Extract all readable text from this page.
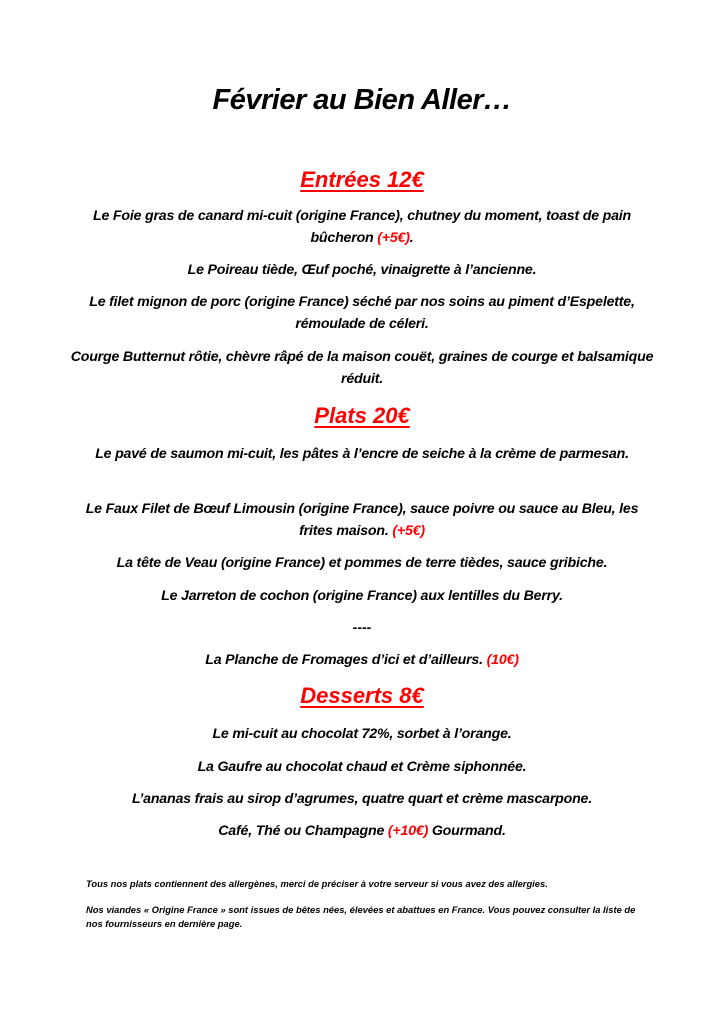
Février au Bien Aller…
Entrées 12€
Le Foie gras de canard mi-cuit (origine France), chutney du moment, toast de pain bûcheron (+5€).
Le Poireau tiède, Œuf poché, vinaigrette à l’ancienne.
Le filet mignon de porc (origine France) séché par nos soins au piment d’Espelette, rémoulade de céleri.
Courge Butternut rôtie, chèvre râpé de la maison couët, graines de courge et balsamique réduit.
Plats 20€
Le pavé de saumon mi-cuit, les pâtes à l’encre de seiche à la crème de parmesan.
Le Faux Filet de Bœuf Limousin (origine France), sauce poivre ou sauce au Bleu, les frites maison. (+5€)
La tête de Veau (origine France) et pommes de terre tièdes, sauce gribiche.
Le Jarreton de cochon (origine France) aux lentilles du Berry.
----
La Planche de Fromages d’ici et d’ailleurs. (10€)
Desserts 8€
Le mi-cuit au chocolat 72%, sorbet à l’orange.
La Gaufre au chocolat chaud et Crème siphonnée.
L’ananas frais au sirop d’agrumes, quatre quart et crème mascarpone.
Café, Thé ou Champagne (+10€) Gourmand.
Tous nos plats contiennent des allergènes, merci de préciser à votre serveur si vous avez des allergies.
Nos viandes « Origine France » sont issues de bêtes nées, élevées et abattues en France. Vous pouvez consulter la liste de nos fournisseurs en dernière page.
